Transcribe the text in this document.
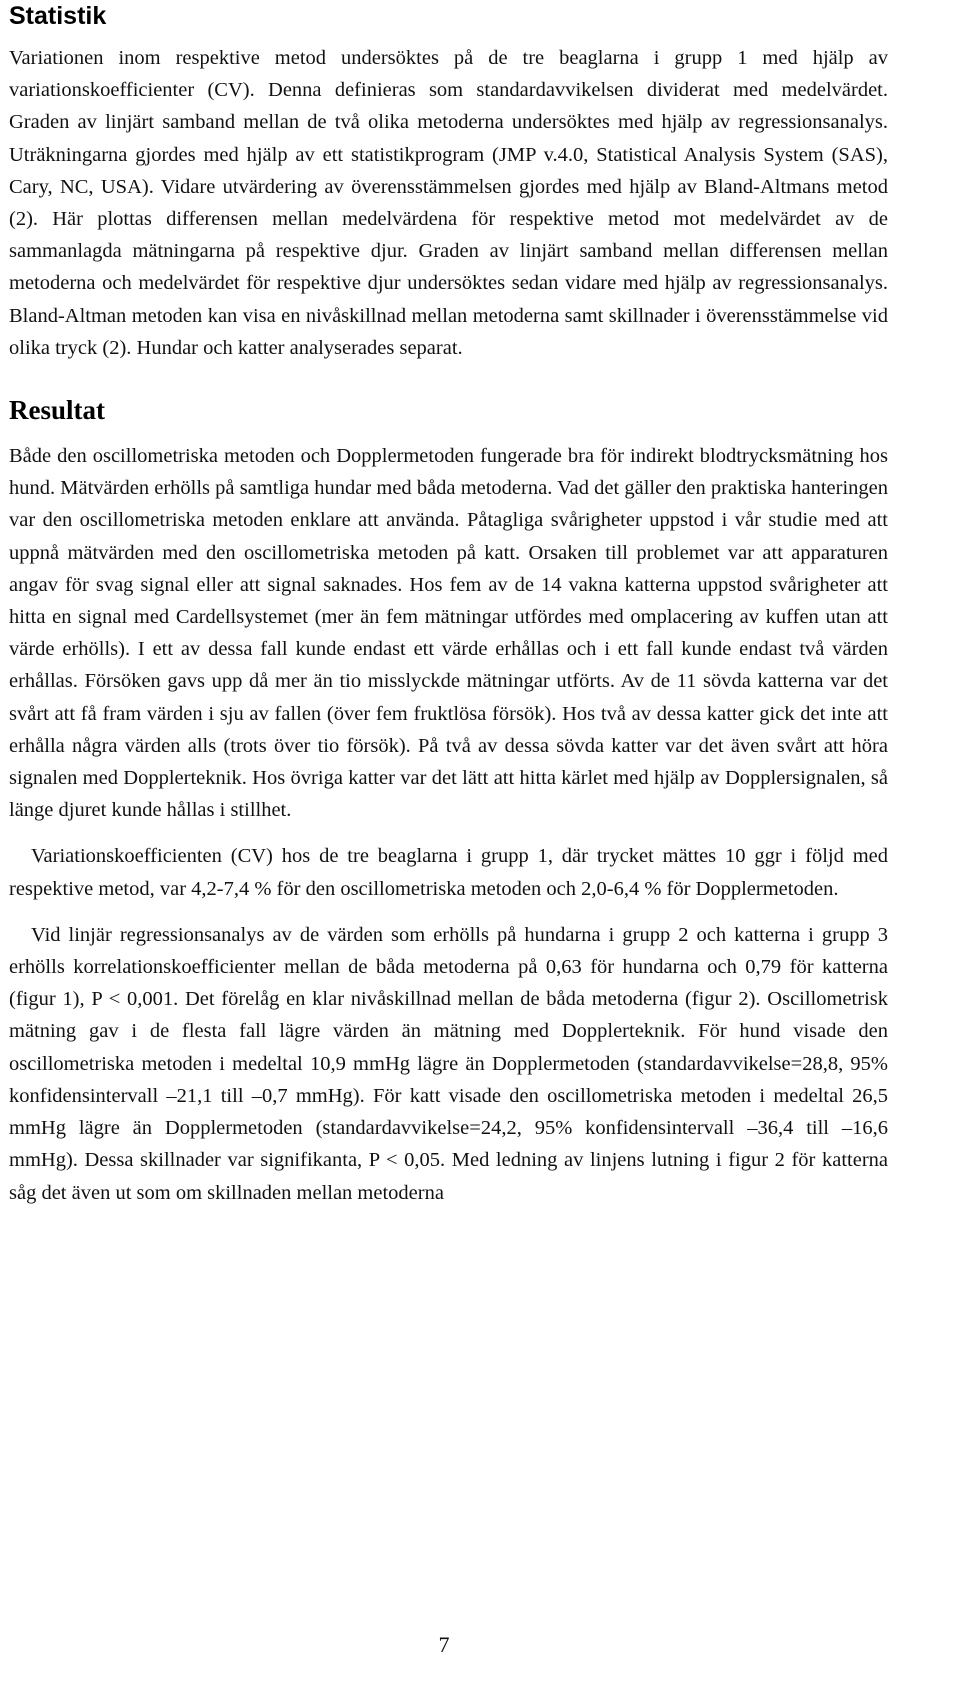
Statistik

Variationen inom respektive metod undersöktes på de tre beaglarna i grupp 1 med hjälp av variationskoefficienter (CV). Denna definieras som standardavvikelsen dividerat med medelvärdet. Graden av linjärt samband mellan de två olika metoderna undersöktes med hjälp av regressionsanalys. Uträkningarna gjordes med hjälp av ett statistikprogram (JMP v.4.0, Statistical Analysis System (SAS), Cary, NC, USA). Vidare utvärdering av överensstämmelsen gjordes med hjälp av Bland-Altmans metod (2). Här plottas differensen mellan medelvärdena för respektive metod mot medelvärdet av de sammanlagda mätningarna på respektive djur. Graden av linjärt samband mellan differensen mellan metoderna och medelvärdet för respektive djur undersöktes sedan vidare med hjälp av regressionsanalys. Bland-Altman metoden kan visa en nivåskillnad mellan metoderna samt skillnader i överensstämmelse vid olika tryck (2). Hundar och katter analyserades separat.

Resultat

Både den oscillometriska metoden och Dopplermetoden fungerade bra för indirekt blodtrycksmätning hos hund. Mätvärden erhölls på samtliga hundar med båda metoderna. Vad det gäller den praktiska hanteringen var den oscillometriska metoden enklare att använda. Påtagliga svårigheter uppstod i vår studie med att uppnå mätvärden med den oscillometriska metoden på katt. Orsaken till problemet var att apparaturen angav för svag signal eller att signal saknades. Hos fem av de 14 vakna katterna uppstod svårigheter att hitta en signal med Cardellsystemet (mer än fem mätningar utfördes med omplacering av kuffen utan att värde erhölls). I ett av dessa fall kunde endast ett värde erhållas och i ett fall kunde endast två värden erhållas. Försöken gavs upp då mer än tio misslyckde mätningar utförts. Av de 11 sövda katterna var det svårt att få fram värden i sju av fallen (över fem fruktlösa försök). Hos två av dessa katter gick det inte att erhålla några värden alls (trots över tio försök). På två av dessa sövda katter var det även svårt att höra signalen med Dopplerteknik. Hos övriga katter var det lätt att hitta kärlet med hjälp av Dopplersignalen, så länge djuret kunde hållas i stillhet.

Variationskoefficienten (CV) hos de tre beaglarna i grupp 1, där trycket mättes 10 ggr i följd med respektive metod, var 4,2-7,4 % för den oscillometriska metoden och 2,0-6,4 % för Dopplermetoden.

Vid linjär regressionsanalys av de värden som erhölls på hundarna i grupp 2 och katterna i grupp 3 erhölls korrelationskoefficienter mellan de båda metoderna på 0,63 för hundarna och 0,79 för katterna (figur 1), P < 0,001. Det förelåg en klar nivåskillnad mellan de båda metoderna (figur 2). Oscillometrisk mätning gav i de flesta fall lägre värden än mätning med Dopplerteknik. För hund visade den oscillometriska metoden i medeltal 10,9 mmHg lägre än Dopplermetoden (standardavvikelse=28,8, 95% konfidensintervall –21,1 till –0,7 mmHg). För katt visade den oscillometriska metoden i medeltal 26,5 mmHg lägre än Dopplermetoden (standardavvikelse=24,2, 95% konfidensintervall –36,4 till –16,6 mmHg). Dessa skillnader var signifikanta, P < 0,05. Med ledning av linjens lutning i figur 2 för katterna såg det även ut som om skillnaden mellan metoderna

7
